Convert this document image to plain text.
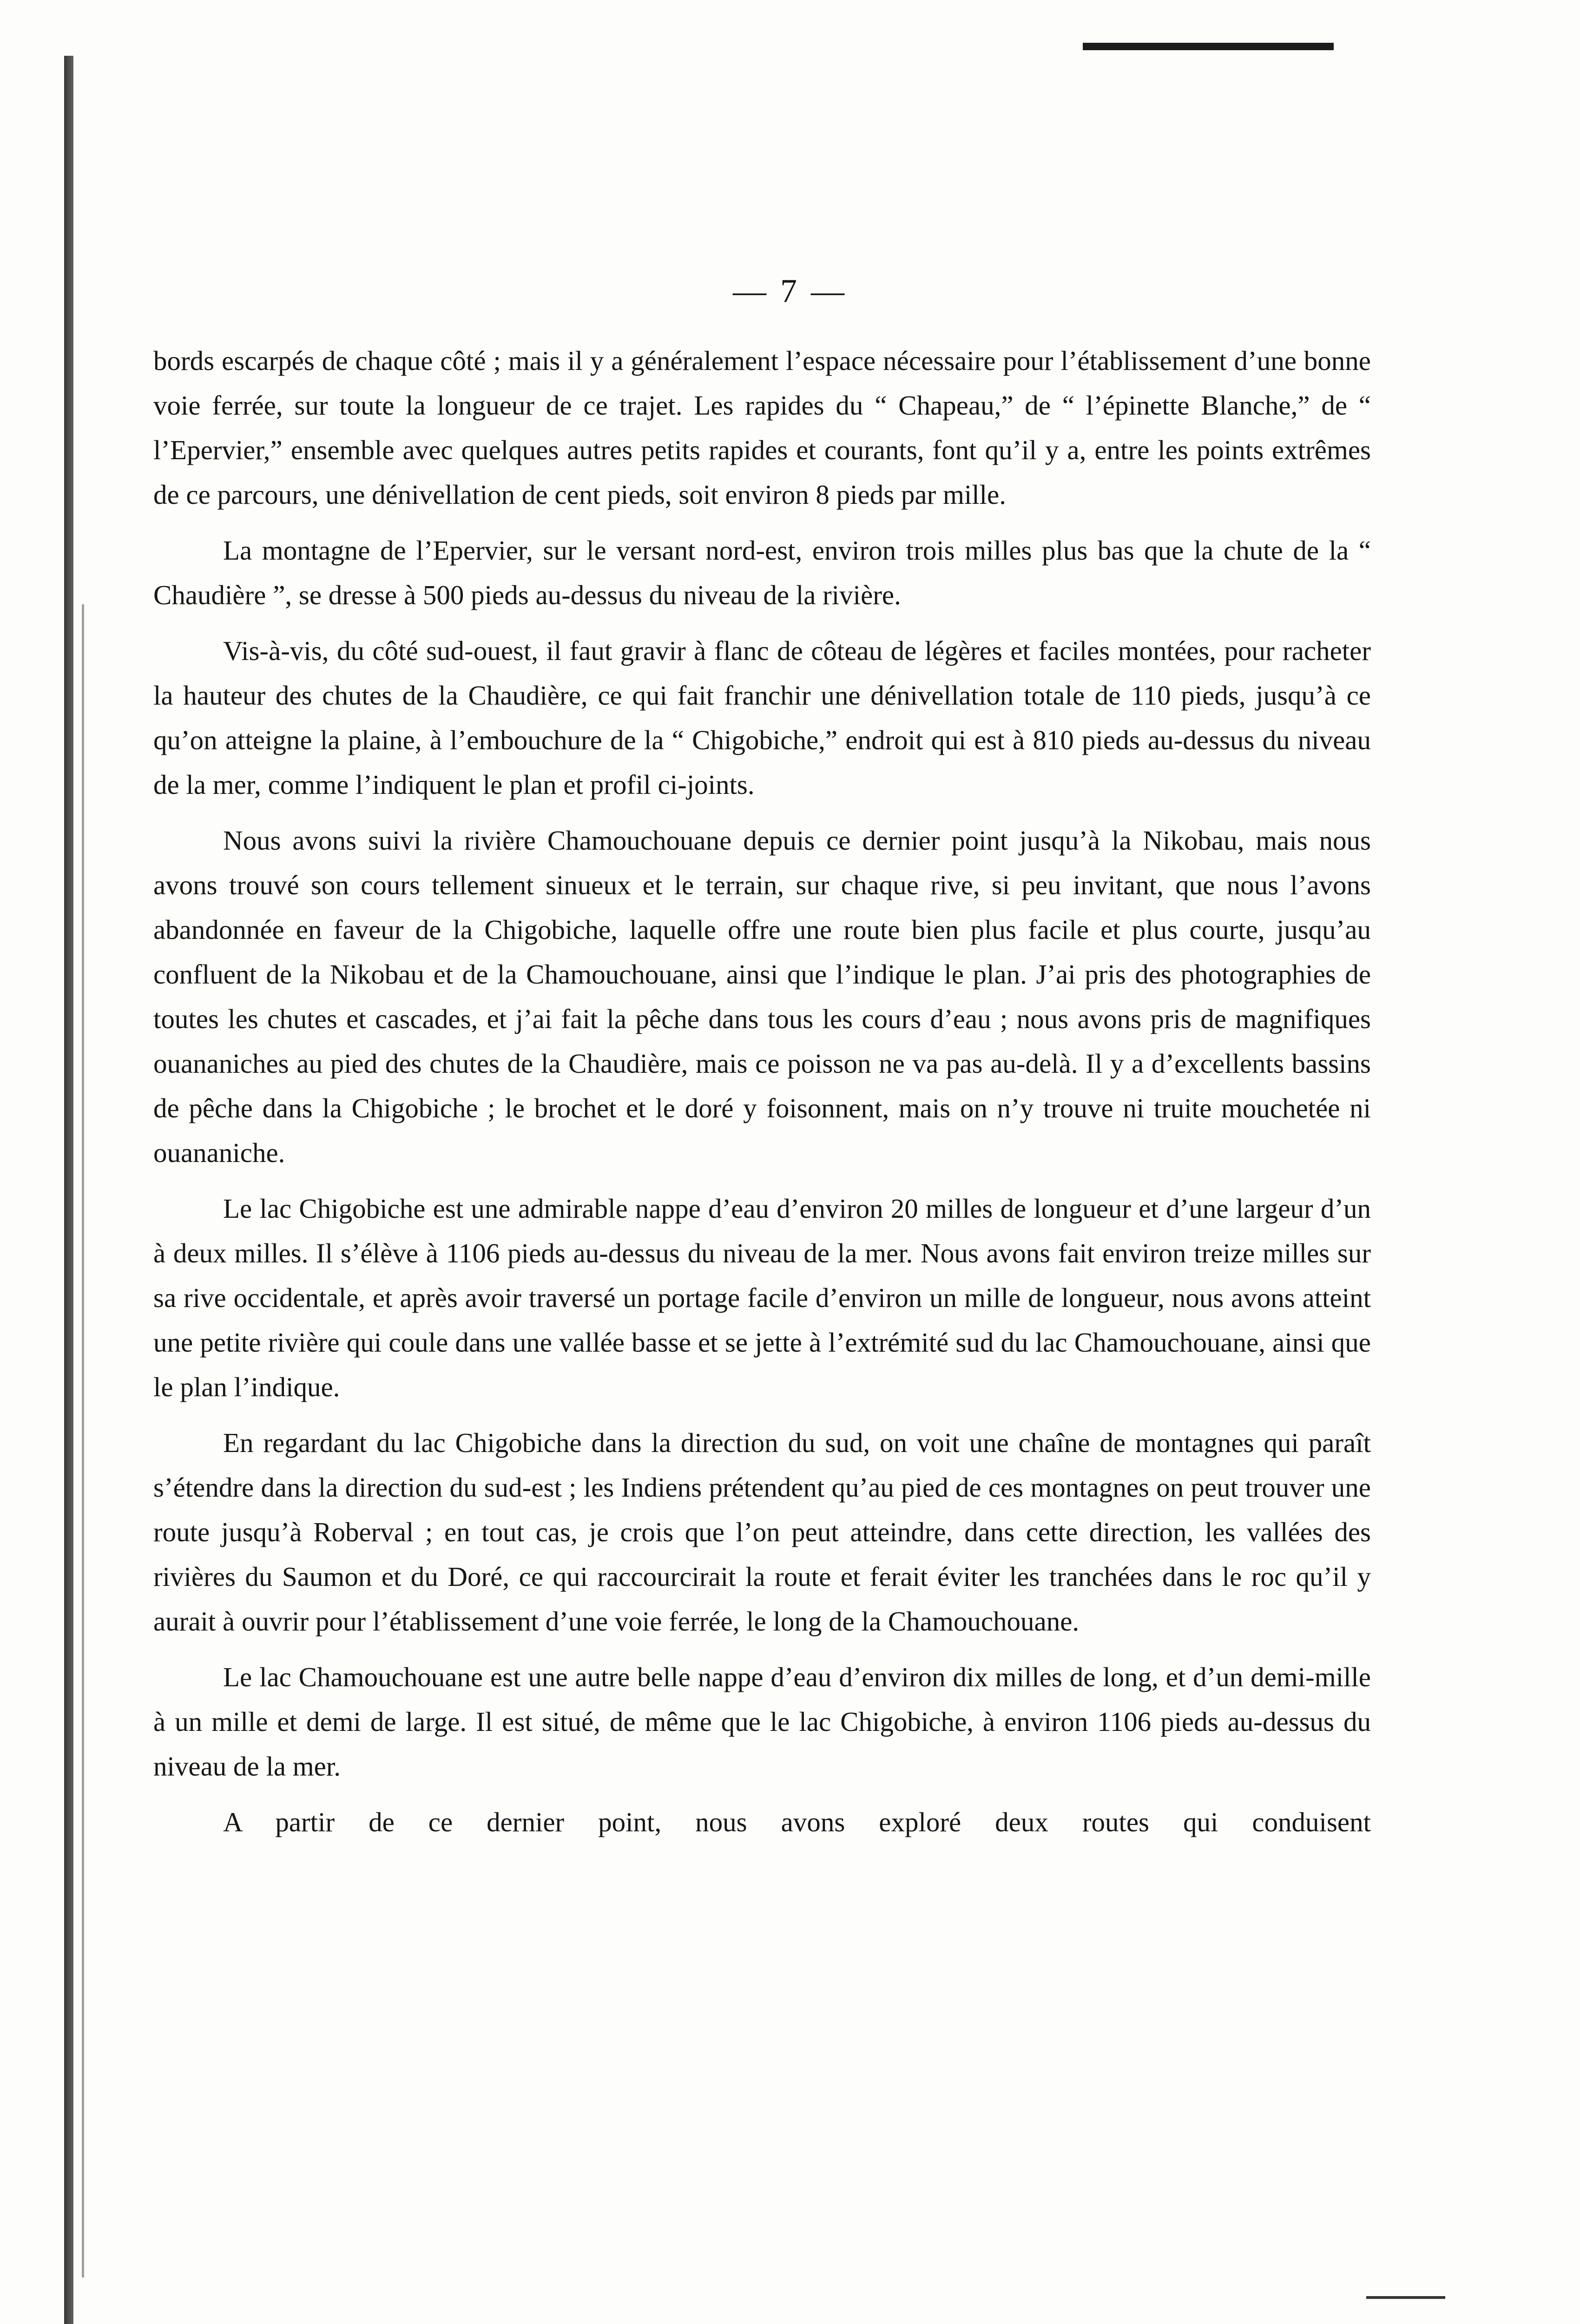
— 7 —

bords escarpés de chaque côté ; mais il y a généralement l’espace nécessaire pour l’établissement d’une bonne voie ferrée, sur toute la longueur de ce trajet. Les rapides du “ Chapeau,” de “ l’épinette Blanche,” de “ l’Epervier,” ensemble avec quelques autres petits rapides et courants, font qu’il y a, entre les points extrêmes de ce parcours, une dénivellation de cent pieds, soit environ 8 pieds par mille.

La montagne de l’Epervier, sur le versant nord-est, environ trois milles plus bas que la chute de la “ Chaudière ”, se dresse à 500 pieds au-dessus du niveau de la rivière.

Vis-à-vis, du côté sud-ouest, il faut gravir à flanc de côteau de légères et faciles montées, pour racheter la hauteur des chutes de la Chaudière, ce qui fait franchir une dénivellation totale de 110 pieds, jusqu’à ce qu’on atteigne la plaine, à l’embouchure de la “ Chigobiche,” endroit qui est à 810 pieds au-dessus du niveau de la mer, comme l’indiquent le plan et profil ci-joints.

Nous avons suivi la rivière Chamouchouane depuis ce dernier point jusqu’à la Nikobau, mais nous avons trouvé son cours tellement sinueux et le terrain, sur chaque rive, si peu invitant, que nous l’avons abandonnée en faveur de la Chigobiche, laquelle offre une route bien plus facile et plus courte, jusqu’au confluent de la Nikobau et de la Chamouchouane, ainsi que l’indique le plan. J’ai pris des photographies de toutes les chutes et cascades, et j’ai fait la pêche dans tous les cours d’eau ; nous avons pris de magnifiques ouananiches au pied des chutes de la Chaudière, mais ce poisson ne va pas au-delà. Il y a d’excellents bassins de pêche dans la Chigobiche ; le brochet et le doré y foisonnent, mais on n’y trouve ni truite mouchetée ni ouananiche.

Le lac Chigobiche est une admirable nappe d’eau d’environ 20 milles de longueur et d’une largeur d’un à deux milles. Il s’élève à 1106 pieds au-dessus du niveau de la mer. Nous avons fait environ treize milles sur sa rive occidentale, et après avoir traversé un portage facile d’environ un mille de longueur, nous avons atteint une petite rivière qui coule dans une vallée basse et se jette à l’extrémité sud du lac Chamouchouane, ainsi que le plan l’indique.

En regardant du lac Chigobiche dans la direction du sud, on voit une chaîne de montagnes qui paraît s’étendre dans la direction du sud-est ; les Indiens prétendent qu’au pied de ces montagnes on peut trouver une route jusqu’à Roberval ; en tout cas, je crois que l’on peut atteindre, dans cette direction, les vallées des rivières du Saumon et du Doré, ce qui raccourcirait la route et ferait éviter les tranchées dans le roc qu’il y aurait à ouvrir pour l’établissement d’une voie ferrée, le long de la Chamouchouane.

Le lac Chamouchouane est une autre belle nappe d’eau d’environ dix milles de long, et d’un demi-mille à un mille et demi de large. Il est situé, de même que le lac Chigobiche, à environ 1106 pieds au-dessus du niveau de la mer.

A partir de ce dernier point, nous avons exploré deux routes qui conduisent
